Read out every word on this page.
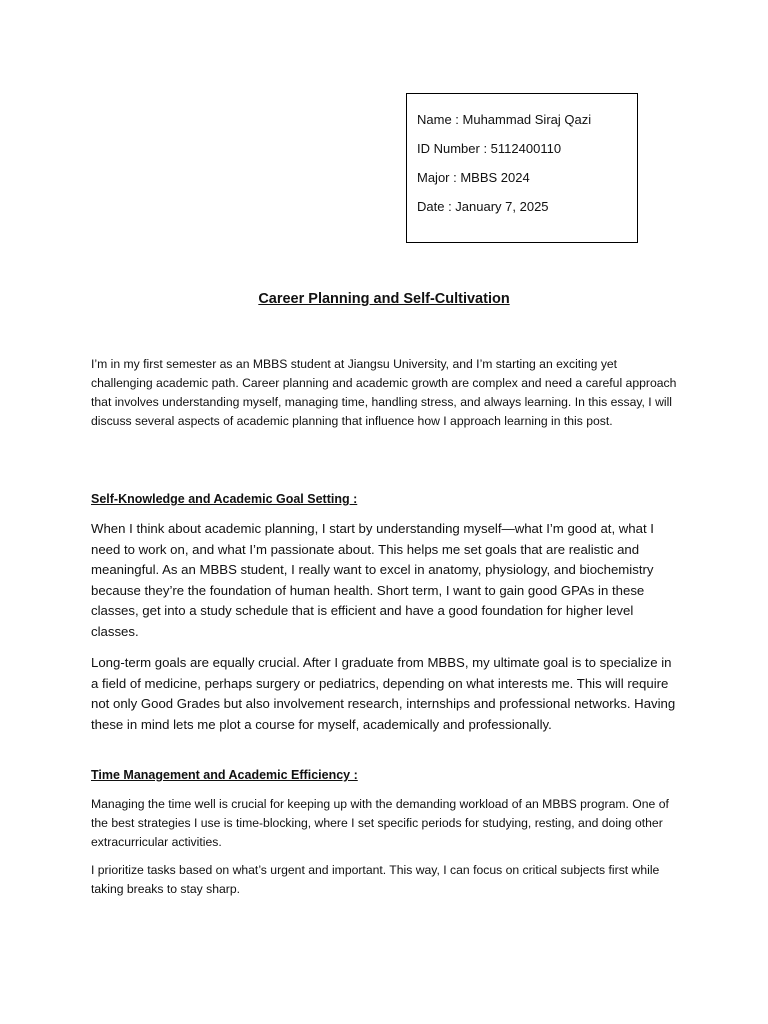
Name : Muhammad Siraj Qazi
ID Number : 5112400110
Major : MBBS 2024
Date : January 7, 2025
Career Planning and Self-Cultivation

I’m in my first semester as an MBBS student at Jiangsu University, and I’m starting an exciting yet challenging academic path. Career planning and academic growth are complex and need a careful approach that involves understanding myself, managing time, handling stress, and always learning. In this essay, I will discuss several aspects of academic planning that influence how I approach learning in this post.

Self-Knowledge and Academic Goal Setting :

When I think about academic planning, I start by understanding myself—what I’m good at, what I need to work on, and what I’m passionate about. This helps me set goals that are realistic and meaningful. As an MBBS student, I really want to excel in anatomy, physiology, and biochemistry because they’re the foundation of human health. Short term, I want to gain good GPAs in these classes, get into a study schedule that is efficient and have a good foundation for higher level classes.

Long-term goals are equally crucial. After I graduate from MBBS, my ultimate goal is to specialize in a field of medicine, perhaps surgery or pediatrics, depending on what interests me. This will require not only Good Grades but also involvement research, internships and professional networks. Having these in mind lets me plot a course for myself, academically and professionally.

Time Management and Academic Efficiency :

Managing the time well is crucial for keeping up with the demanding workload of an MBBS program. One of the best strategies I use is time-blocking, where I set specific periods for studying, resting, and doing other extracurricular activities.

I prioritize tasks based on what’s urgent and important. This way, I can focus on critical subjects first while taking breaks to stay sharp.
